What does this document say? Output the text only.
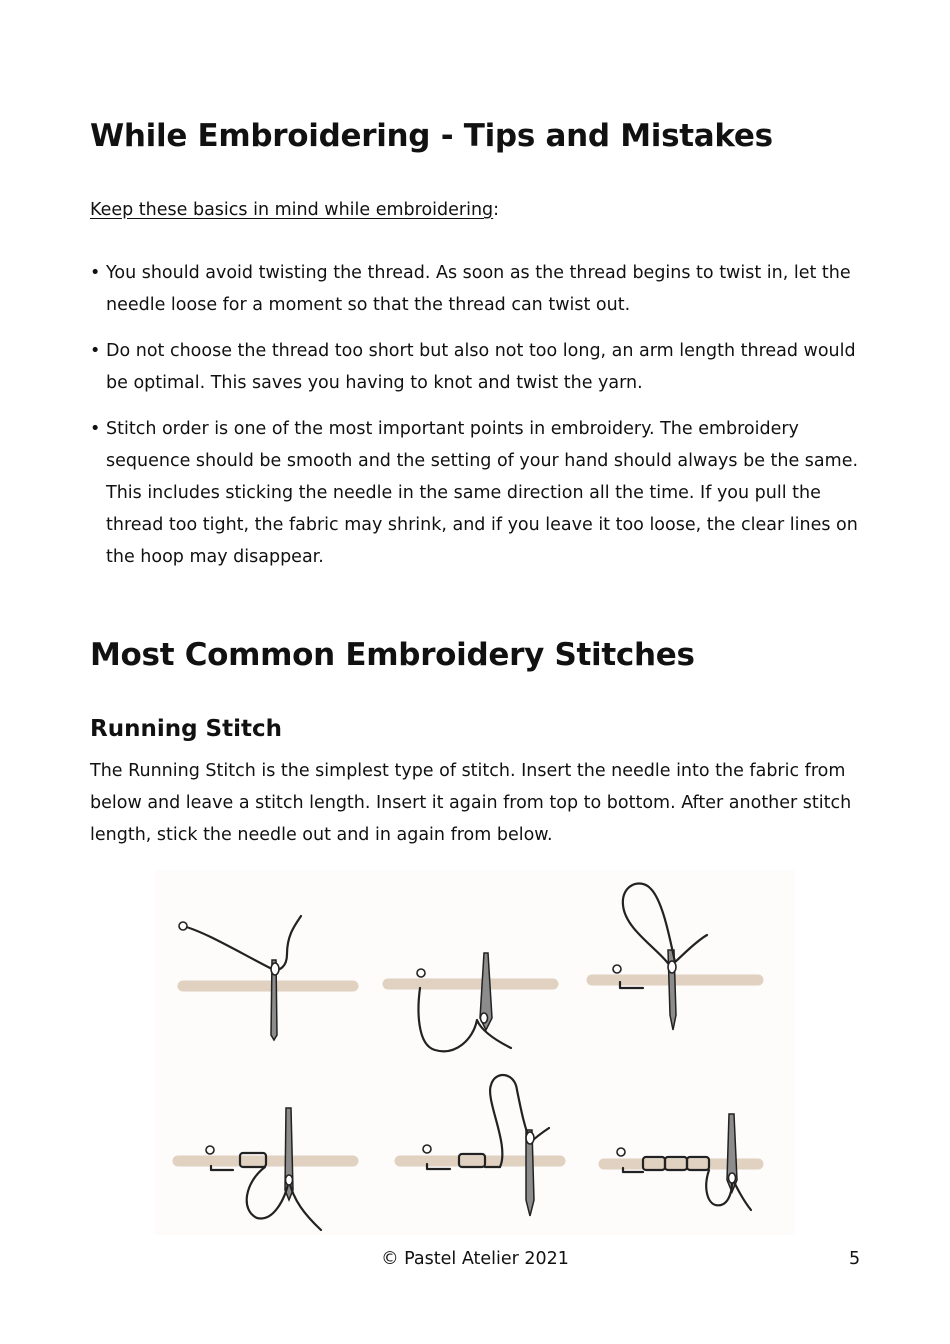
While Embroidering - Tips and Mistakes
Keep these basics in mind while embroidering:
• You should avoid twisting the thread. As soon as the thread begins to twist in, let the needle loose for a moment so that the thread can twist out.
• Do not choose the thread too short but also not too long, an arm length thread would be optimal. This saves you having to knot and twist the yarn.
• Stitch order is one of the most important points in embroidery. The embroidery sequence should be smooth and the setting of your hand should always be the same. This includes sticking the needle in the same direction all the time. If you pull the thread too tight, the fabric may shrink, and if you leave it too loose, the clear lines on the hoop may disappear.
Most Common Embroidery Stitches
Running Stitch

The Running Stitch is the simplest type of stitch. Insert the needle into the fabric from below and leave a stitch length. Insert it again from top to bottom. After another stitch length, stick the needle out and in again from below.

© Pastel Atelier 2021	5
